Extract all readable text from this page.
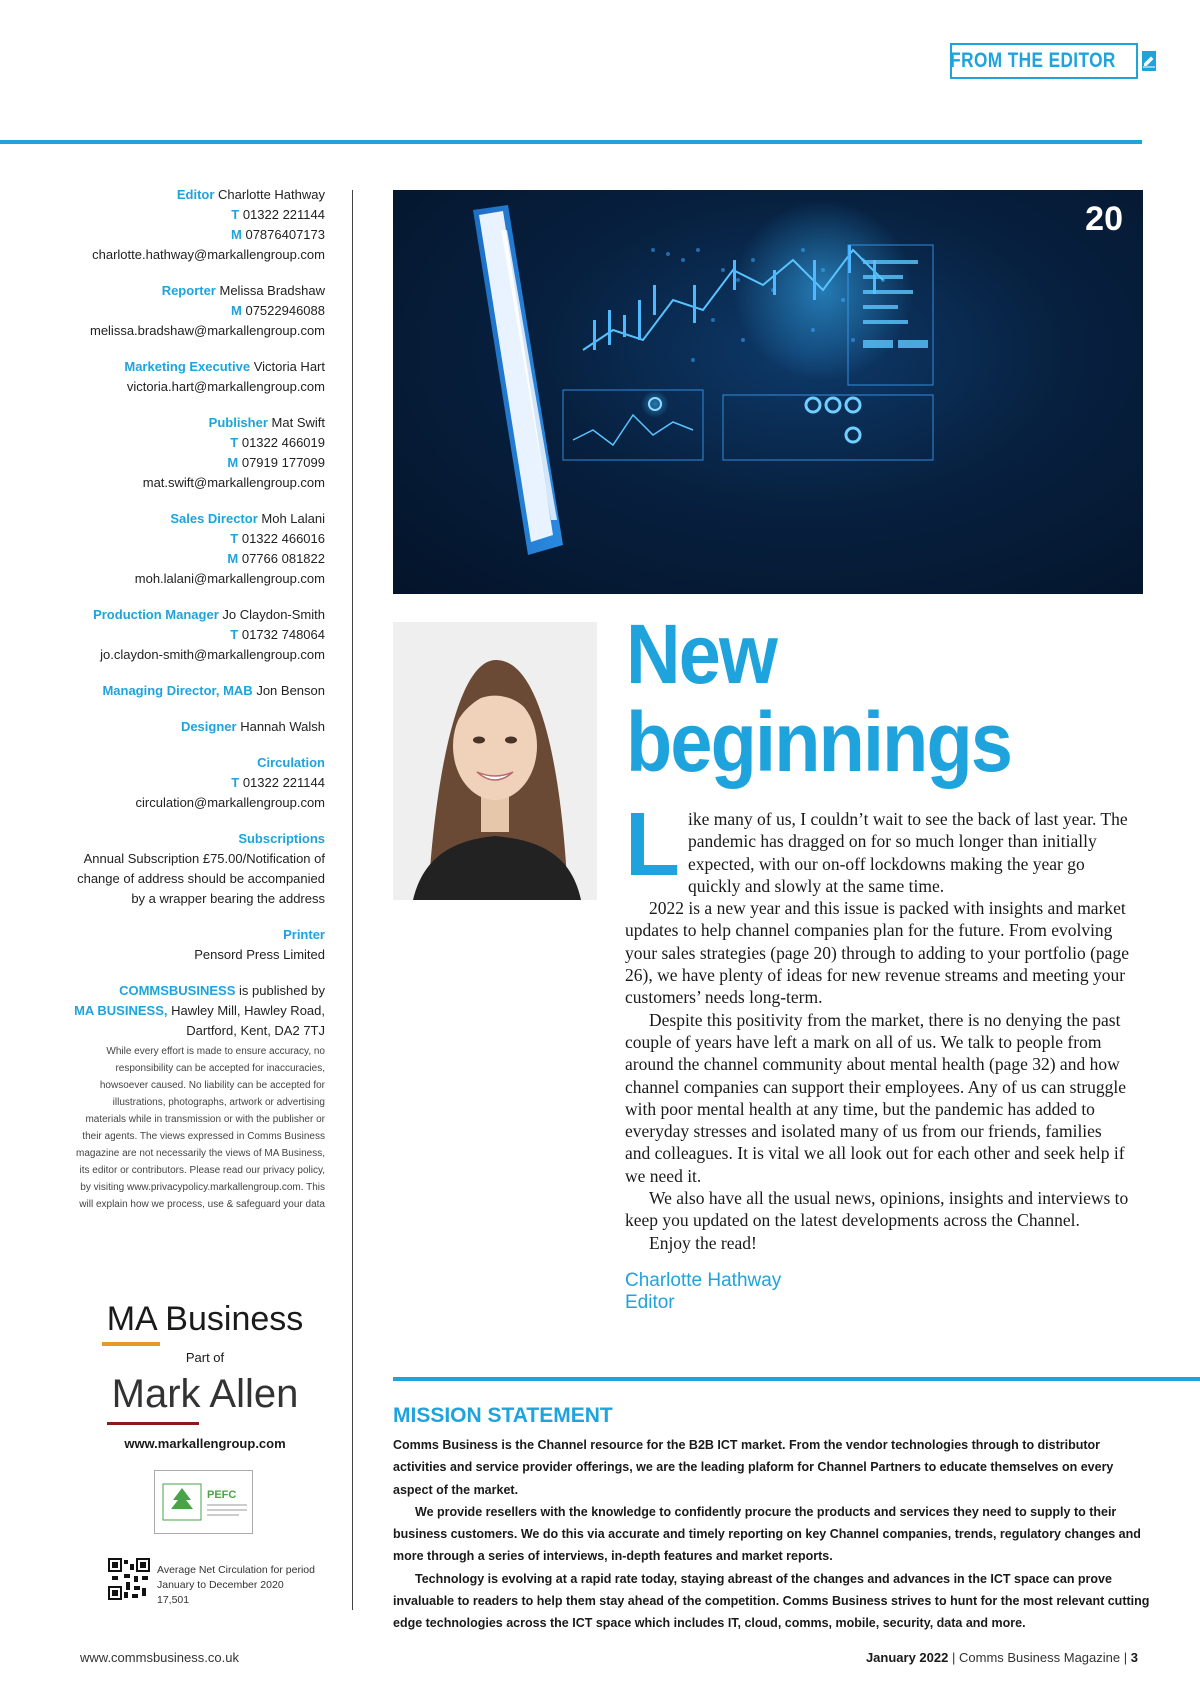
FROM THE EDITOR
Editor Charlotte Hathway
T 01322 221144
M 07876407173
charlotte.hathway@markallengroup.com
Reporter Melissa Bradshaw
M 07522946088
melissa.bradshaw@markallengroup.com
Marketing Executive Victoria Hart
victoria.hart@markallengroup.com
Publisher Mat Swift
T 01322 466019
M 07919 177099
mat.swift@markallengroup.com
Sales Director Moh Lalani
T 01322 466016
M 07766 081822
moh.lalani@markallengroup.com
Production Manager Jo Claydon-Smith
T 01732 748064
jo.claydon-smith@markallengroup.com
Managing Director, MAB Jon Benson
Designer Hannah Walsh
Circulation
T 01322 221144
circulation@markallengroup.com
Subscriptions
Annual Subscription £75.00/Notification of change of address should be accompanied by a wrapper bearing the address
Printer
Pensord Press Limited
COMMSBUSINESS is published by
MA BUSINESS, Hawley Mill, Hawley Road,
Dartford, Kent, DA2 7TJ
While every effort is made to ensure accuracy, no responsibility can be accepted for inaccuracies, howsoever caused. No liability can be accepted for illustrations, photographs, artwork or advertising materials while in transmission or with the publisher or their agents. The views expressed in Comms Business magazine are not necessarily the views of MA Business, its editor or contributors. Please read our privacy policy, by visiting www.privacypolicy.markallengroup.com. This will explain how we process, use & safeguard your data
MA Business
Part of
Mark Allen
www.markallengroup.com
PEFC
Average Net Circulation for period January to December 2020 17,501
20
New
beginnings

Like many of us, I couldn’t wait to see the back of last year. The pandemic has dragged on for so much longer than initially expected, with our on-off lockdowns making the year go quickly and slowly at the same time.

2022 is a new year and this issue is packed with insights and market updates to help channel companies plan for the future. From evolving your sales strategies (page 20) through to adding to your portfolio (page 26), we have plenty of ideas for new revenue streams and meeting your customers’ needs long-term.

Despite this positivity from the market, there is no denying the past couple of years have left a mark on all of us. We talk to people from around the channel community about mental health (page 32) and how channel companies can support their employees. Any of us can struggle with poor mental health at any time, but the pandemic has added to everyday stresses and isolated many of us from our friends, families and colleagues. It is vital we all look out for each other and seek help if we need it.

We also have all the usual news, opinions, insights and interviews to keep you updated on the latest developments across the Channel.

Enjoy the read!

Charlotte Hathway
Editor
MISSION STATEMENT

Comms Business is the Channel resource for the B2B ICT market. From the vendor technologies through to distributor activities and service provider offerings, we are the leading plaform for Channel Partners to educate themselves on every aspect of the market.

We provide resellers with the knowledge to confidently procure the products and services they need to supply to their business customers. We do this via accurate and timely reporting on key Channel companies, trends, regulatory changes and more through a series of interviews, in-depth features and market reports.

Technology is evolving at a rapid rate today, staying abreast of the changes and advances in the ICT space can prove invaluable to readers to help them stay ahead of the competition. Comms Business strives to hunt for the most relevant cutting edge technologies across the ICT space which includes IT, cloud, comms, mobile, security, data and more.

www.commsbusiness.co.uk	January 2022 | Comms Business Magazine | 3
